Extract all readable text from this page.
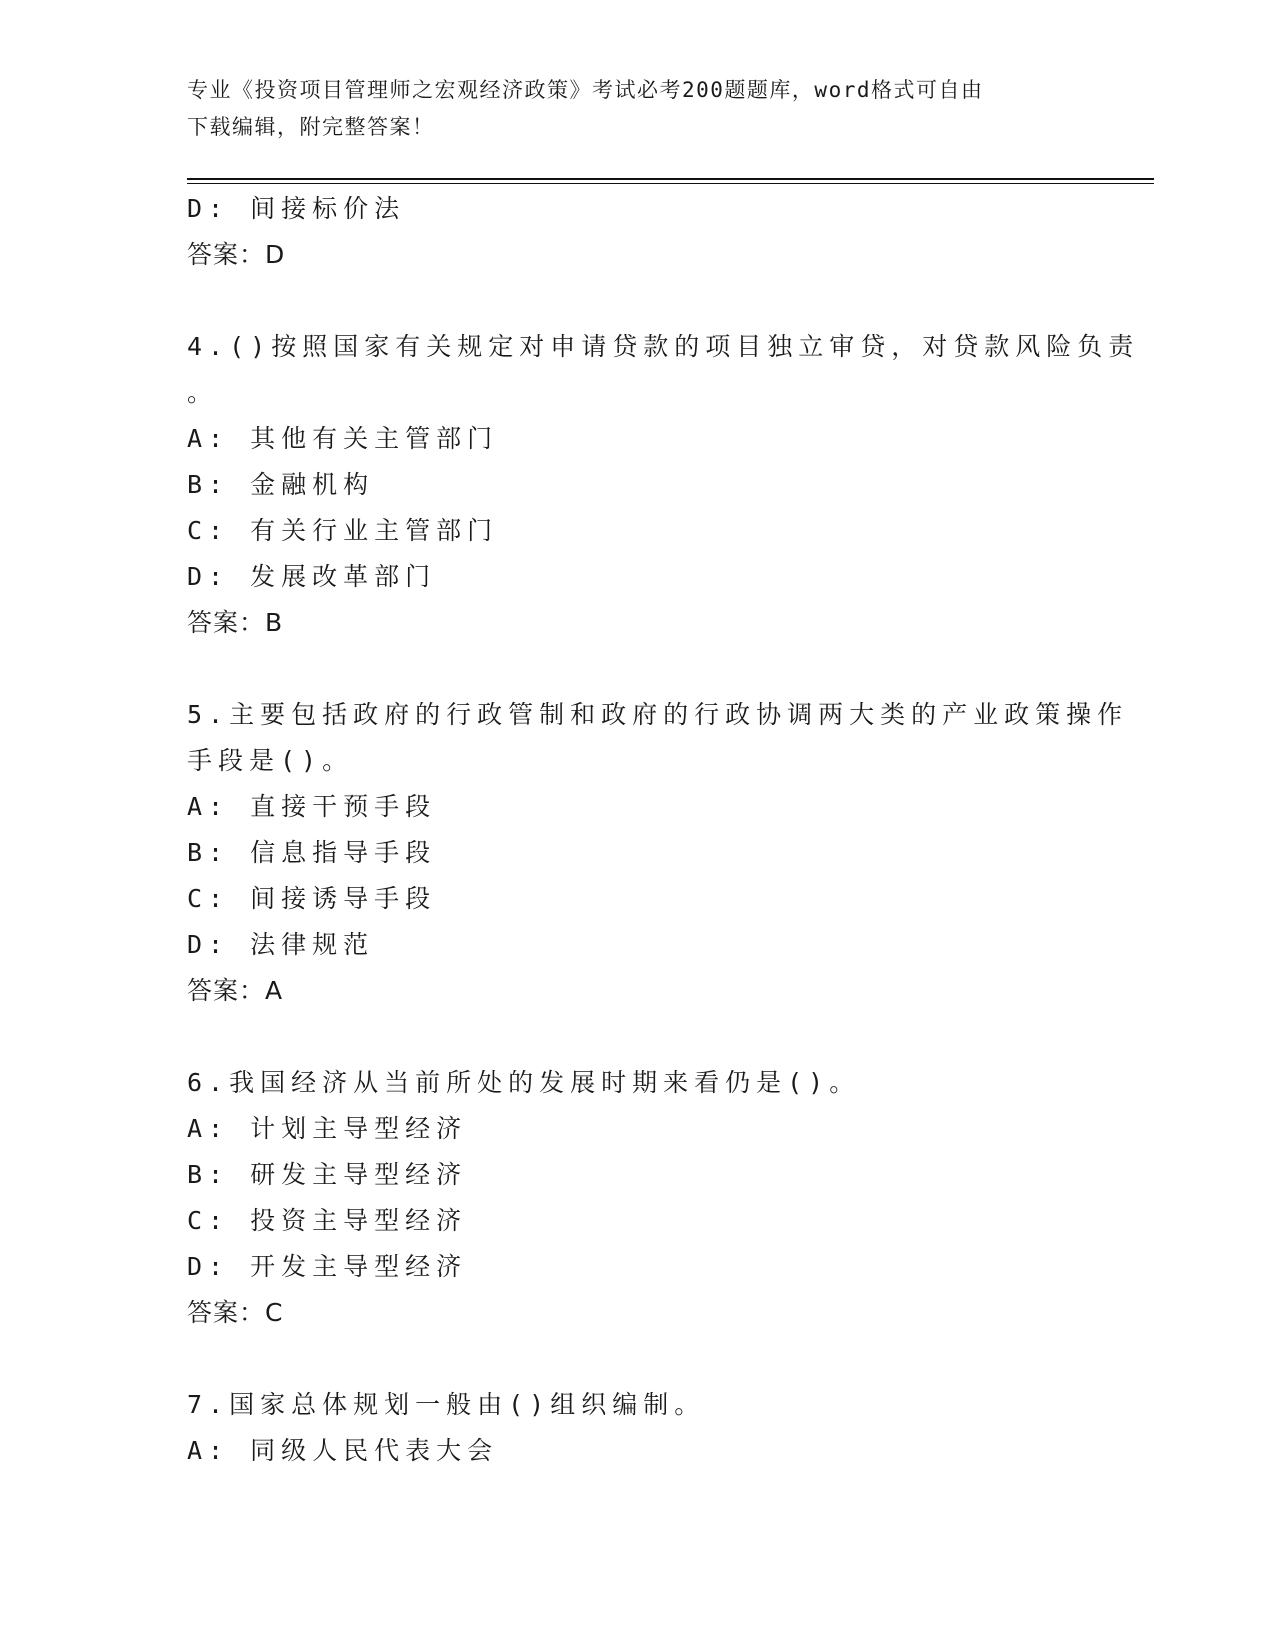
专业《投资项目管理师之宏观经济政策》考试必考200题题库，word格式可自由
下载编辑，附完整答案！
D: 间接标价法
答案：D
4.()按照国家有关规定对申请贷款的项目独立审贷，对贷款风险负责
。
A: 其他有关主管部门
B: 金融机构
C: 有关行业主管部门
D: 发展改革部门
答案：B
5.主要包括政府的行政管制和政府的行政协调两大类的产业政策操作
手段是()。
A: 直接干预手段
B: 信息指导手段
C: 间接诱导手段
D: 法律规范
答案：A
6.我国经济从当前所处的发展时期来看仍是()。
A: 计划主导型经济
B: 研发主导型经济
C: 投资主导型经济
D: 开发主导型经济
答案：C
7.国家总体规划一般由()组织编制。
A: 同级人民代表大会
